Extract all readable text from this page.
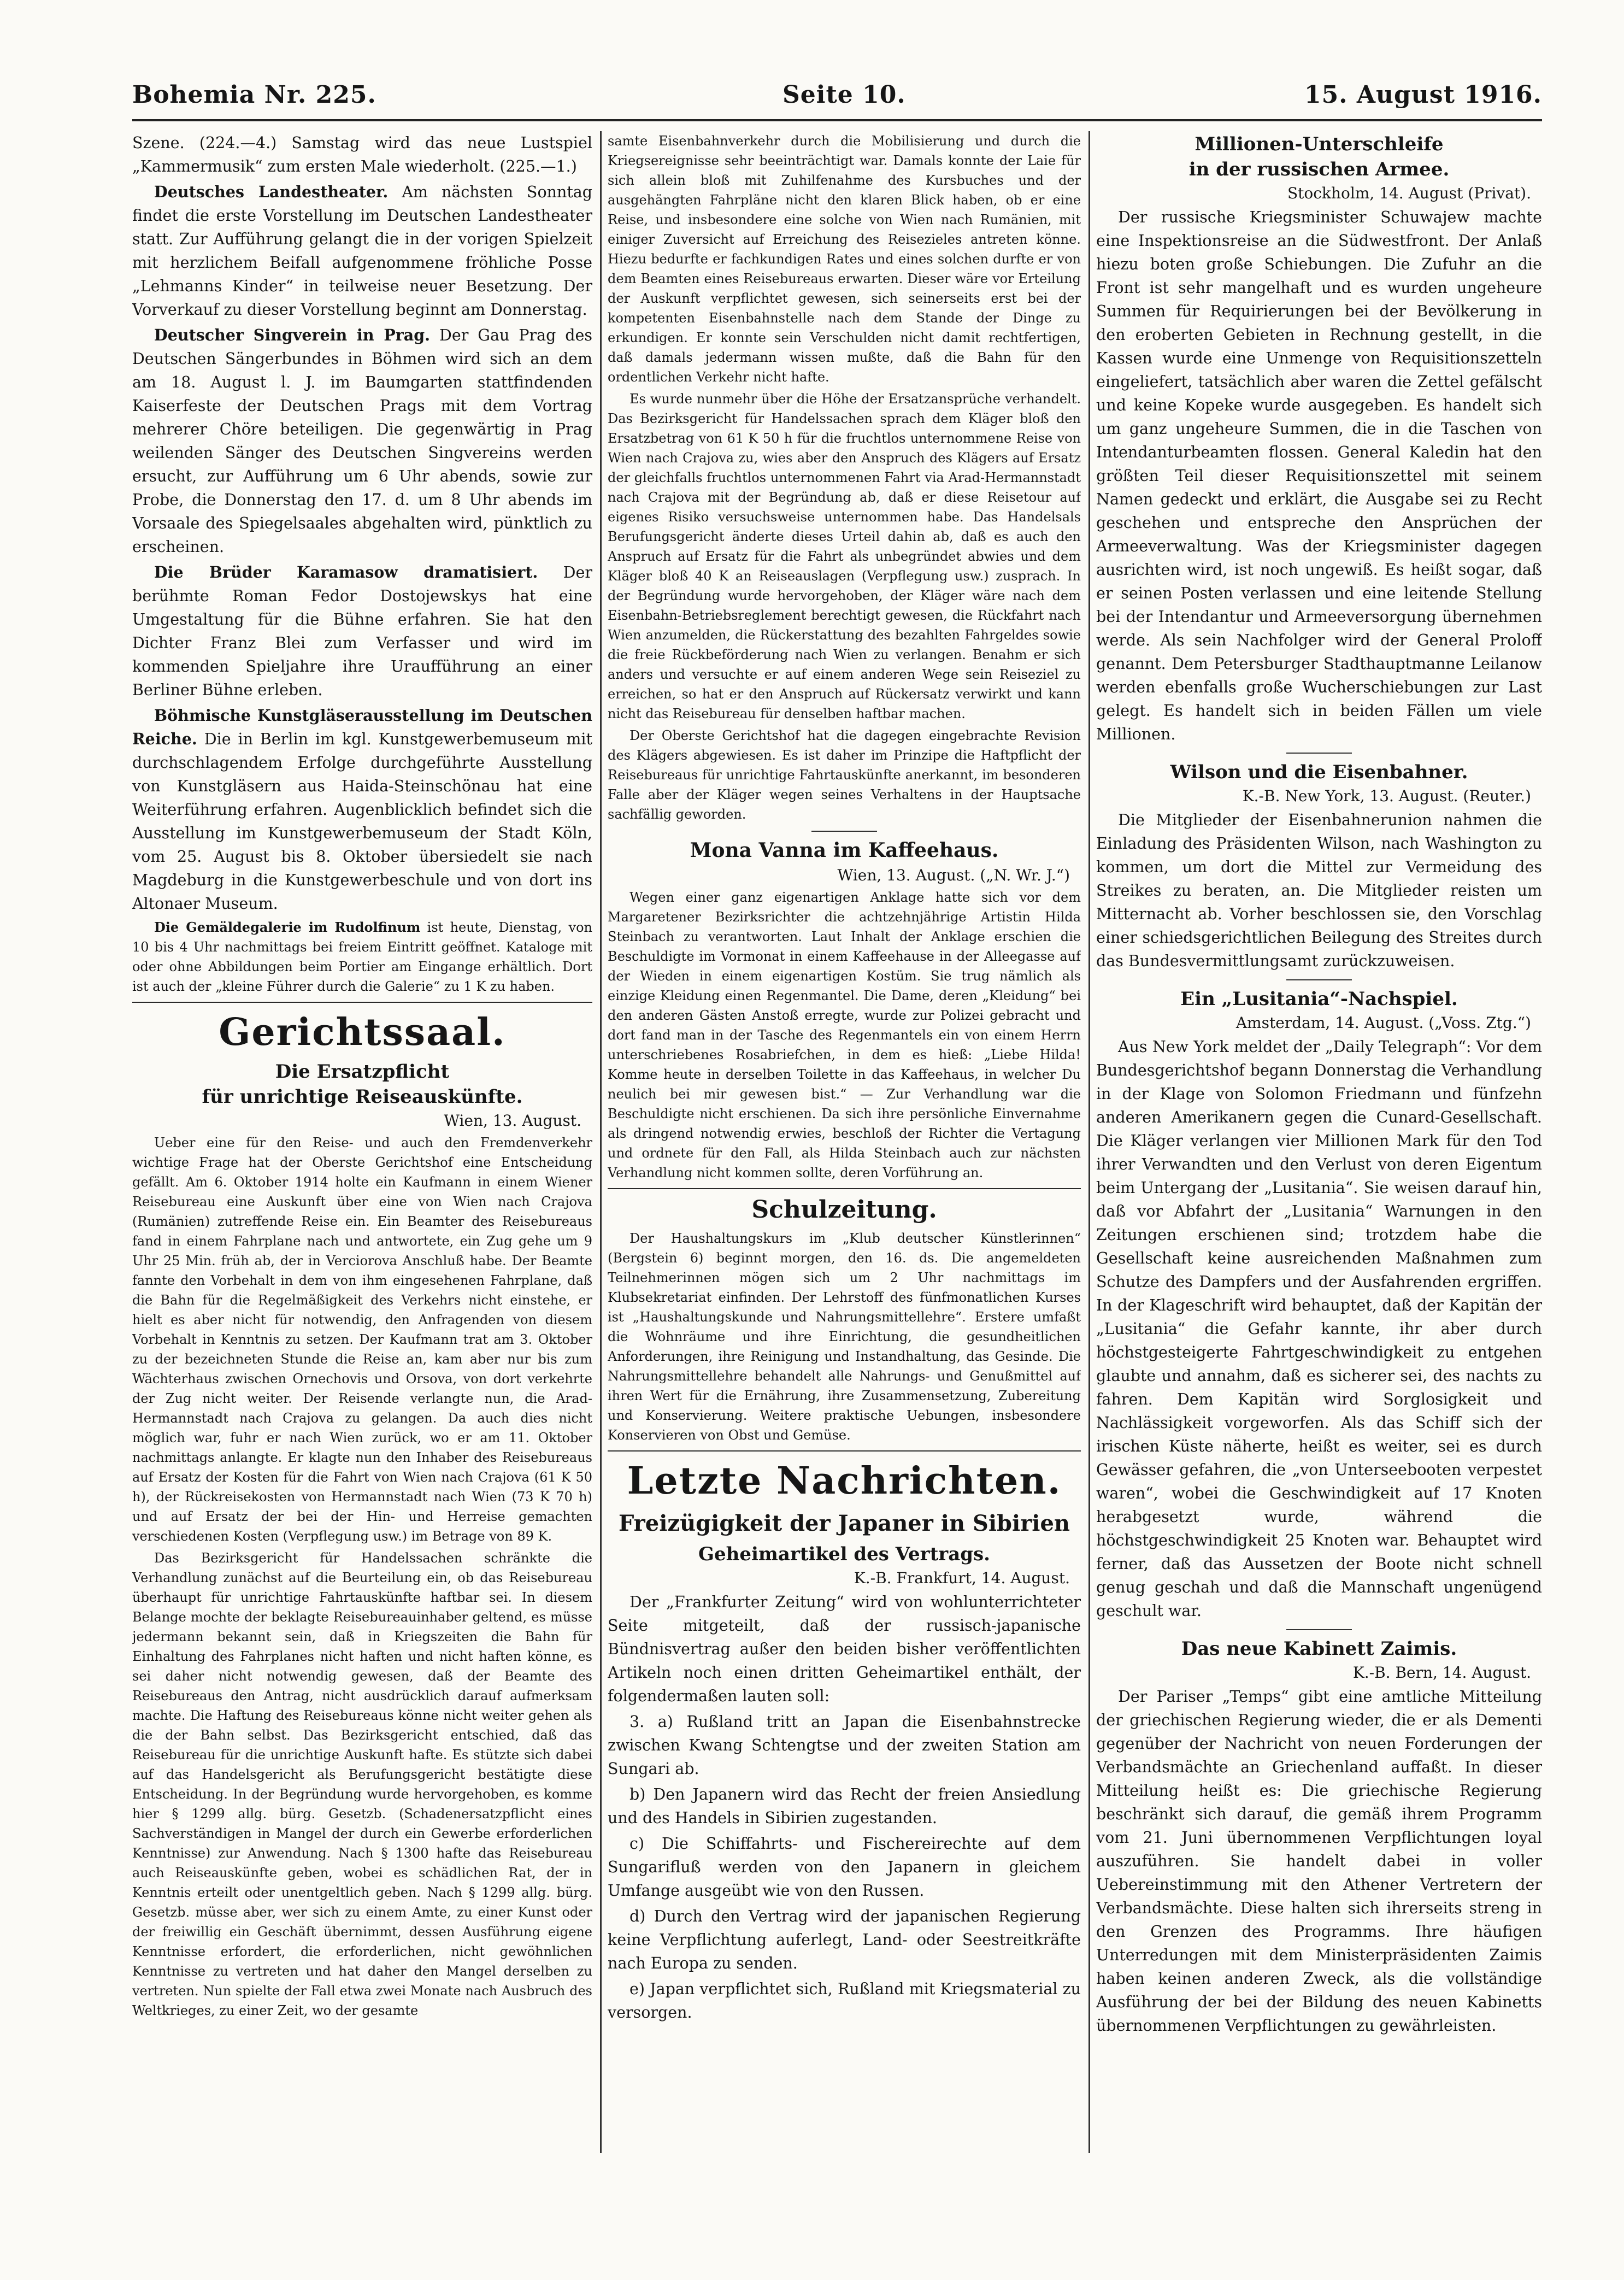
Bohemia Nr. 225.	Seite 10.	15. August 1916.

Szene. (224.—4.) Samstag wird das neue Lustspiel „Kammermusik“ zum ersten Male wiederholt. (225.—1.)

Deutsches Landestheater. Am nächsten Sonntag findet die erste Vorstellung im Deutschen Landestheater statt. Zur Aufführung gelangt die in der vorigen Spielzeit mit herzlichem Beifall aufgenommene fröhliche Posse „Lehmanns Kinder“ in teilweise neuer Besetzung. Der Vorverkauf zu dieser Vorstellung beginnt am Donnerstag.

Deutscher Singverein in Prag. Der Gau Prag des Deutschen Sängerbundes in Böhmen wird sich an dem am 18. August l. J. im Baumgarten stattfindenden Kaiserfeste der Deutschen Prags mit dem Vortrag mehrerer Chöre beteiligen. Die gegenwärtig in Prag weilenden Sänger des Deutschen Singvereins werden ersucht, zur Aufführung um 6 Uhr abends, sowie zur Probe, die Donnerstag den 17. d. um 8 Uhr abends im Vorsaale des Spiegelsaales abgehalten wird, pünktlich zu erscheinen.

Die Brüder Karamasow dramatisiert. Der berühmte Roman Fedor Dostojewskys hat eine Umgestaltung für die Bühne erfahren. Sie hat den Dichter Franz Blei zum Verfasser und wird im kommenden Spieljahre ihre Uraufführung an einer Berliner Bühne erleben.

Böhmische Kunstgläserausstellung im Deutschen Reiche. Die in Berlin im kgl. Kunstgewerbemuseum mit durchschlagendem Erfolge durchgeführte Ausstellung von Kunstgläsern aus Haida-Steinschönau hat eine Weiterführung erfahren. Augenblicklich befindet sich die Ausstellung im Kunstgewerbemuseum der Stadt Köln, vom 25. August bis 8. Oktober übersiedelt sie nach Magdeburg in die Kunstgewerbeschule und von dort ins Altonaer Museum.

Die Gemäldegalerie im Rudolfinum ist heute, Dienstag, von 10 bis 4 Uhr nachmittags bei freiem Eintritt geöffnet. Kataloge mit oder ohne Abbildungen beim Portier am Eingange erhältlich. Dort ist auch der „kleine Führer durch die Galerie“ zu 1 K zu haben.

Gerichtssaal.
Die Ersatzpflicht
für unrichtige Reiseauskünfte.
Wien, 13. August.

Ueber eine für den Reise- und auch den Fremdenverkehr wichtige Frage hat der Oberste Gerichtshof eine Entscheidung gefällt. Am 6. Oktober 1914 holte ein Kaufmann in einem Wiener Reisebureau eine Auskunft über eine von Wien nach Crajova (Rumänien) zutreffende Reise ein. Ein Beamter des Reisebureaus fand in einem Fahrplane nach und antwortete, ein Zug gehe um 9 Uhr 25 Min. früh ab, der in Verciorova Anschluß habe. Der Beamte fannte den Vorbehalt in dem von ihm eingesehenen Fahrplane, daß die Bahn für die Regelmäßigkeit des Verkehrs nicht einstehe, er hielt es aber nicht für notwendig, den Anfragenden von diesem Vorbehalt in Kenntnis zu setzen. Der Kaufmann trat am 3. Oktober zu der bezeichneten Stunde die Reise an, kam aber nur bis zum Wächterhaus zwischen Ornechovis und Orsova, von dort verkehrte der Zug nicht weiter. Der Reisende verlangte nun, die Arad-Hermannstadt nach Crajova zu gelangen. Da auch dies nicht möglich war, fuhr er nach Wien zurück, wo er am 11. Oktober nachmittags anlangte. Er klagte nun den Inhaber des Reisebureaus auf Ersatz der Kosten für die Fahrt von Wien nach Crajova (61 K 50 h), der Rückreisekosten von Hermannstadt nach Wien (73 K 70 h) und auf Ersatz der bei der Hin- und Herreise gemachten verschiedenen Kosten (Verpflegung usw.) im Betrage von 89 K.

Das Bezirksgericht für Handelssachen schränkte die Verhandlung zunächst auf die Beurteilung ein, ob das Reisebureau überhaupt für unrichtige Fahrtauskünfte haftbar sei. In diesem Belange mochte der beklagte Reisebureauinhaber geltend, es müsse jedermann bekannt sein, daß in Kriegszeiten die Bahn für Einhaltung des Fahrplanes nicht haften und nicht haften könne, es sei daher nicht notwendig gewesen, daß der Beamte des Reisebureaus den Antrag, nicht ausdrücklich darauf aufmerksam machte. Die Haftung des Reisebureaus könne nicht weiter gehen als die der Bahn selbst. Das Bezirksgericht entschied, daß das Reisebureau für die unrichtige Auskunft hafte. Es stützte sich dabei auf das Handelsgericht als Berufungsgericht bestätigte diese Entscheidung. In der Begründung wurde hervorgehoben, es komme hier § 1299 allg. bürg. Gesetzb. (Schadenersatzpflicht eines Sachverständigen in Mangel der durch ein Gewerbe erforderlichen Kenntnisse) zur Anwendung. Nach § 1300 hafte das Reisebureau auch Reiseauskünfte geben, wobei es schädlichen Rat, der in Kenntnis erteilt oder unentgeltlich geben. Nach § 1299 allg. bürg. Gesetzb. müsse aber, wer sich zu einem Amte, zu einer Kunst oder der freiwillig ein Geschäft übernimmt, dessen Ausführung eigene Kenntnisse erfordert, die erforderlichen, nicht gewöhnlichen Kenntnisse zu vertreten und hat daher den Mangel derselben zu vertreten. Nun spielte der Fall etwa zwei Monate nach Ausbruch des Weltkrieges, zu einer Zeit, wo der gesamte

samte Eisenbahnverkehr durch die Mobilisierung und durch die Kriegsereignisse sehr beeinträchtigt war. Damals konnte der Laie für sich allein bloß mit Zuhilfenahme des Kursbuches und der ausgehängten Fahrpläne nicht den klaren Blick haben, ob er eine Reise, und insbesondere eine solche von Wien nach Rumänien, mit einiger Zuversicht auf Erreichung des Reisezieles antreten könne. Hiezu bedurfte er fachkundigen Rates und eines solchen durfte er von dem Beamten eines Reisebureaus erwarten. Dieser wäre vor Erteilung der Auskunft verpflichtet gewesen, sich seinerseits erst bei der kompetenten Eisenbahnstelle nach dem Stande der Dinge zu erkundigen. Er konnte sein Verschulden nicht damit rechtfertigen, daß damals jedermann wissen mußte, daß die Bahn für den ordentlichen Verkehr nicht hafte.

Es wurde nunmehr über die Höhe der Ersatzansprüche verhandelt. Das Bezirksgericht für Handelssachen sprach dem Kläger bloß den Ersatzbetrag von 61 K 50 h für die fruchtlos unternommene Reise von Wien nach Crajova zu, wies aber den Anspruch des Klägers auf Ersatz der gleichfalls fruchtlos unternommenen Fahrt via Arad-Hermannstadt nach Crajova mit der Begründung ab, daß er diese Reisetour auf eigenes Risiko versuchsweise unternommen habe. Das Handelsals Berufungsgericht änderte dieses Urteil dahin ab, daß es auch den Anspruch auf Ersatz für die Fahrt als unbegründet abwies und dem Kläger bloß 40 K an Reiseauslagen (Verpflegung usw.) zusprach. In der Begründung wurde hervorgehoben, der Kläger wäre nach dem Eisenbahn-Betriebsreglement berechtigt gewesen, die Rückfahrt nach Wien anzumelden, die Rückerstattung des bezahlten Fahrgeldes sowie die freie Rückbeförderung nach Wien zu verlangen. Benahm er sich anders und versuchte er auf einem anderen Wege sein Reiseziel zu erreichen, so hat er den Anspruch auf Rückersatz verwirkt und kann nicht das Reisebureau für denselben haftbar machen.

Der Oberste Gerichtshof hat die dagegen eingebrachte Revision des Klägers abgewiesen. Es ist daher im Prinzipe die Haftpflicht der Reisebureaus für unrichtige Fahrtauskünfte anerkannt, im besonderen Falle aber der Kläger wegen seines Verhaltens in der Hauptsache sachfällig geworden.

Mona Vanna im Kaffeehaus.
Wien, 13. August. („N. Wr. J.“)

Wegen einer ganz eigenartigen Anklage hatte sich vor dem Margaretener Bezirksrichter die achtzehnjährige Artistin Hilda Steinbach zu verantworten. Laut Inhalt der Anklage erschien die Beschuldigte im Vormonat in einem Kaffeehause in der Alleegasse auf der Wieden in einem eigenartigen Kostüm. Sie trug nämlich als einzige Kleidung einen Regenmantel. Die Dame, deren „Kleidung“ bei den anderen Gästen Anstoß erregte, wurde zur Polizei gebracht und dort fand man in der Tasche des Regenmantels ein von einem Herrn unterschriebenes Rosabriefchen, in dem es hieß: „Liebe Hilda! Komme heute in derselben Toilette in das Kaffeehaus, in welcher Du neulich bei mir gewesen bist.“ — Zur Verhandlung war die Beschuldigte nicht erschienen. Da sich ihre persönliche Einvernahme als dringend notwendig erwies, beschloß der Richter die Vertagung und ordnete für den Fall, als Hilda Steinbach auch zur nächsten Verhandlung nicht kommen sollte, deren Vorführung an.

Schulzeitung.

Der Haushaltungskurs im „Klub deutscher Künstlerinnen“ (Bergstein 6) beginnt morgen, den 16. ds. Die angemeldeten Teilnehmerinnen mögen sich um 2 Uhr nachmittags im Klubsekretariat einfinden. Der Lehrstoff des fünfmonatlichen Kurses ist „Haushaltungskunde und Nahrungsmittellehre“. Erstere umfaßt die Wohnräume und ihre Einrichtung, die gesundheitlichen Anforderungen, ihre Reinigung und Instandhaltung, das Gesinde. Die Nahrungsmittellehre behandelt alle Nahrungs- und Genußmittel auf ihren Wert für die Ernährung, ihre Zusammensetzung, Zubereitung und Konservierung. Weitere praktische Uebungen, insbesondere Konservieren von Obst und Gemüse.

Letzte Nachrichten.
Freizügigkeit der Japaner in Sibirien
Geheimartikel des Vertrags.
K.-B. Frankfurt, 14. August.

Der „Frankfurter Zeitung“ wird von wohlunterrichteter Seite mitgeteilt, daß der russisch-japanische Bündnisvertrag außer den beiden bisher veröffentlichten Artikeln noch einen dritten Geheimartikel enthält, der folgendermaßen lauten soll:

3. a) Rußland tritt an Japan die Eisenbahnstrecke zwischen Kwang Schtengtse und der zweiten Station am Sungari ab.

b) Den Japanern wird das Recht der freien Ansiedlung und des Handels in Sibirien zugestanden.

c) Die Schiffahrts- und Fischereirechte auf dem Sungarifluß werden von den Japanern in gleichem Umfange ausgeübt wie von den Russen.

d) Durch den Vertrag wird der japanischen Regierung keine Verpflichtung auferlegt, Land- oder Seestreitkräfte nach Europa zu senden.

e) Japan verpflichtet sich, Rußland mit Kriegsmaterial zu versorgen.

Millionen-Unterschleife
in der russischen Armee.
Stockholm, 14. August (Privat).

Der russische Kriegsminister Schuwajew machte eine Inspektionsreise an die Südwestfront. Der Anlaß hiezu boten große Schiebungen. Die Zufuhr an die Front ist sehr mangelhaft und es wurden ungeheure Summen für Requirierungen bei der Bevölkerung in den eroberten Gebieten in Rechnung gestellt, in die Kassen wurde eine Unmenge von Requisitionszetteln eingeliefert, tatsächlich aber waren die Zettel gefälscht und keine Kopeke wurde ausgegeben. Es handelt sich um ganz ungeheure Summen, die in die Taschen von Intendanturbeamten flossen. General Kaledin hat den größten Teil dieser Requisitionszettel mit seinem Namen gedeckt und erklärt, die Ausgabe sei zu Recht geschehen und entspreche den Ansprüchen der Armeeverwaltung. Was der Kriegsminister dagegen ausrichten wird, ist noch ungewiß. Es heißt sogar, daß er seinen Posten verlassen und eine leitende Stellung bei der Intendantur und Armeeversorgung übernehmen werde. Als sein Nachfolger wird der General Proloff genannt. Dem Petersburger Stadthauptmanne Leilanow werden ebenfalls große Wucherschiebungen zur Last gelegt. Es handelt sich in beiden Fällen um viele Millionen.

Wilson und die Eisenbahner.
K.-B. New York, 13. August. (Reuter.)

Die Mitglieder der Eisenbahnerunion nahmen die Einladung des Präsidenten Wilson, nach Washington zu kommen, um dort die Mittel zur Vermeidung des Streikes zu beraten, an. Die Mitglieder reisten um Mitternacht ab. Vorher beschlossen sie, den Vorschlag einer schiedsgerichtlichen Beilegung des Streites durch das Bundesvermittlungsamt zurückzuweisen.

Ein „Lusitania“-Nachspiel.
Amsterdam, 14. August. („Voss. Ztg.“)

Aus New York meldet der „Daily Telegraph“: Vor dem Bundesgerichtshof begann Donnerstag die Verhandlung in der Klage von Solomon Friedmann und fünfzehn anderen Amerikanern gegen die Cunard-Gesellschaft. Die Kläger verlangen vier Millionen Mark für den Tod ihrer Verwandten und den Verlust von deren Eigentum beim Untergang der „Lusitania“. Sie weisen darauf hin, daß vor Abfahrt der „Lusitania“ Warnungen in den Zeitungen erschienen sind; trotzdem habe die Gesellschaft keine ausreichenden Maßnahmen zum Schutze des Dampfers und der Ausfahrenden ergriffen. In der Klageschrift wird behauptet, daß der Kapitän der „Lusitania“ die Gefahr kannte, ihr aber durch höchstgesteigerte Fahrtgeschwindigkeit zu entgehen glaubte und annahm, daß es sicherer sei, des nachts zu fahren. Dem Kapitän wird Sorglosigkeit und Nachlässigkeit vorgeworfen. Als das Schiff sich der irischen Küste näherte, heißt es weiter, sei es durch Gewässer gefahren, die „von Unterseebooten verpestet waren“, wobei die Geschwindigkeit auf 17 Knoten herabgesetzt wurde, während die höchstgeschwindigkeit 25 Knoten war. Behauptet wird ferner, daß das Aussetzen der Boote nicht schnell genug geschah und daß die Mannschaft ungenügend geschult war.

Das neue Kabinett Zaimis.
K.-B. Bern, 14. August.

Der Pariser „Temps“ gibt eine amtliche Mitteilung der griechischen Regierung wieder, die er als Dementi gegenüber der Nachricht von neuen Forderungen der Verbandsmächte an Griechenland auffaßt. In dieser Mitteilung heißt es: Die griechische Regierung beschränkt sich darauf, die gemäß ihrem Programm vom 21. Juni übernommenen Verpflichtungen loyal auszuführen. Sie handelt dabei in voller Uebereinstimmung mit den Athener Vertretern der Verbandsmächte. Diese halten sich ihrerseits streng in den Grenzen des Programms. Ihre häufigen Unterredungen mit dem Ministerpräsidenten Zaimis haben keinen anderen Zweck, als die vollständige Ausführung der bei der Bildung des neuen Kabinetts übernommenen Verpflichtungen zu gewährleisten.
